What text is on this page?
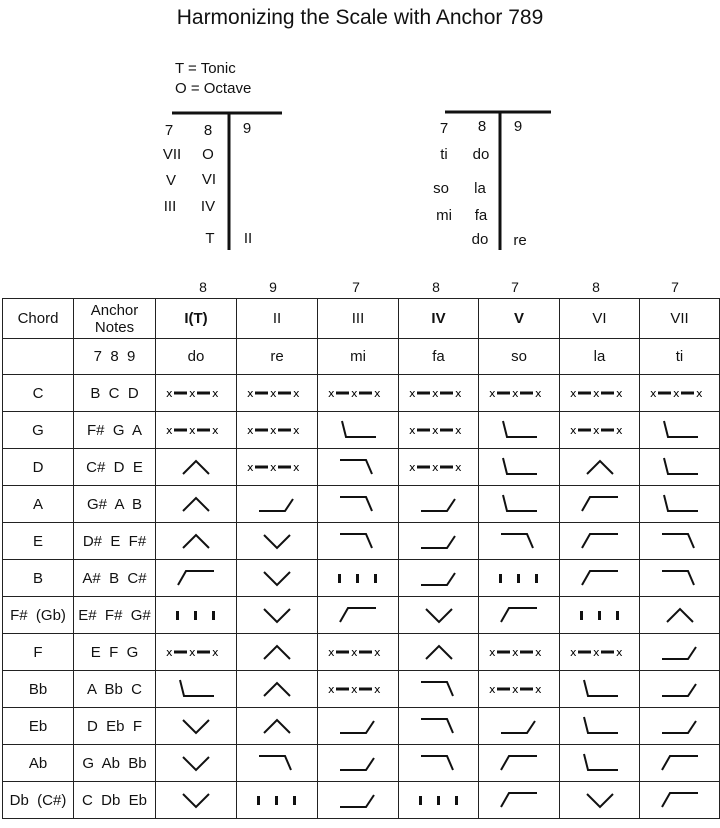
Harmonizing the Scale with Anchor 789
T = Tonic
O = Octave
7	8	9
VII	O
V	VI
III	IV
T	II
7	8	9
ti	do
so	la
mi	fa
do	re
8	9	7	8	7	8	7
Chord	Anchor Notes	I(T)	II	III	IV	V	VI	VII
	7  8  9	do	re	mi	fa	so	la	ti
C	B  C  D	x x x	x x x	x x x	x x x	x x x	x x x	x x x

G	F#  G  A	x x x	x x x		x x x		x x x

D	C#  D  E		x x x		x x x

A	G#  A  B	

E	D#  E  F#	

B	A#  B  C#	

F#  (Gb)	E#  F#  G#	

F	E  F  G	x x x		x x x		x x x	x x x

Bb	A  Bb  C			x x x		x x x

Eb	D  Eb  F	

Ab	G  Ab  Bb	

Db  (C#)	C  Db  Eb	
